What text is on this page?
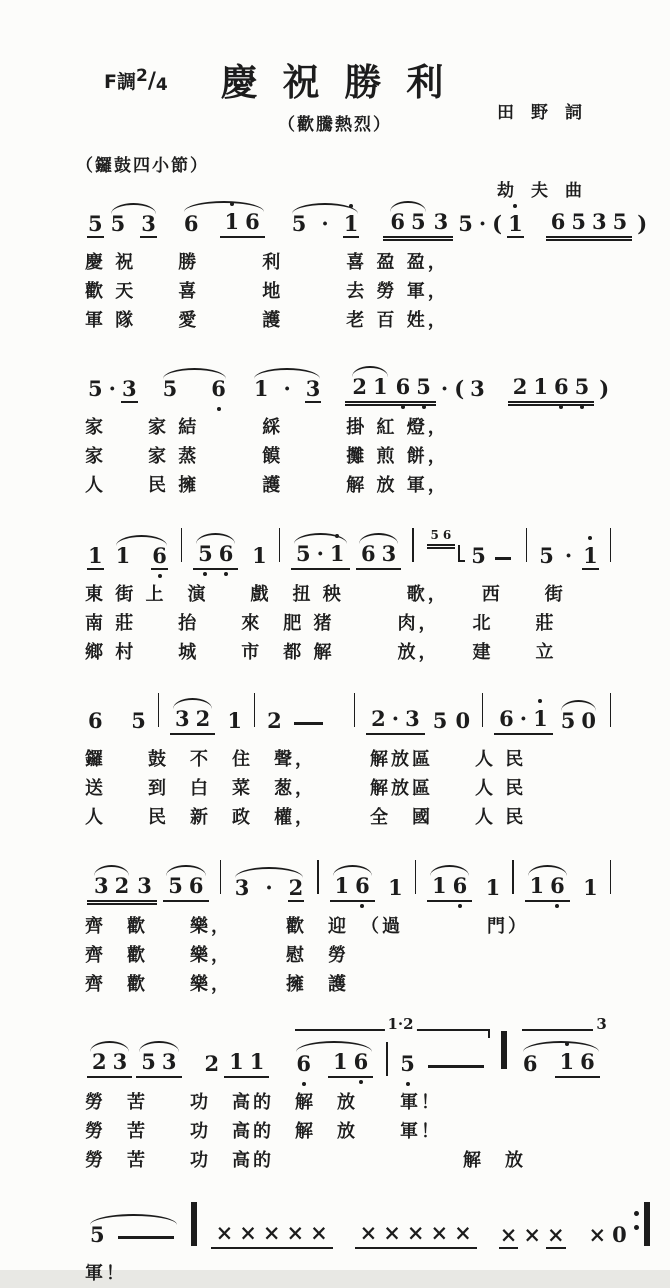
F調2/4	慶 祝 勝 利

田　野　詞

劫　夫　曲

（歡騰熱烈）
（鑼鼓四小節）
5 5 3 6 1 6 5 · 1 6 5 3 5 · ( 1 6 5 3 5 )
慶 祝　　勝　　　利　　　喜 盈 盈，
歡 天　　喜　　　地　　　去 勞 軍，
軍 隊　　愛　　　護　　　老 百 姓，
5 · 3 5 6 1 · 3 2 1 6 5 · ( 3 2 1 6 5 )
家　　家 結　　　綵　　　掛 紅 燈，
家　　家 蒸　　　饃　　　攤 煎 餅，
人　　民 擁　　　護　　　解 放 軍，
1 1 6 5 6 1 5 · 1 6 3
5 6
5	5 · 1
東 街 上　演　　戲　扭 秧　　　歌，　　西　　街
南 莊　　抬　　來　肥 猪　　　肉，　　北　　莊
鄉 村　　城　　市　都 解　　　放，　　建　　立
6 5 3 2 1 2	2 · 3 5 0 6 · 1 5 0
鑼　　鼓　不　住　聲，　　　解放區　　人 民
送　　到　白　菜　葱，　　　解放區　　人 民
人　　民　新　政　權，　　　全　國　　人 民
3 2 3 5 6 3 · 2 1 6 1 1 6 1 1 6 1
齊　歡　　樂，　　　歡　迎　（過　　　　門）
齊　歡　　樂，　　　慰　勞
齊　歡　　樂，　　　擁　護
2 3 5 3 2 1 1
1·2
6 1 6 5
3
6 1 6
勞　苦　　功　高的　解　放　　軍！
勞　苦　　功　高的　解　放　　軍！
勞　苦　　功　高的　　　　　　　　　解　放
5	× × × × × × × × × × × × × × 0
軍！
